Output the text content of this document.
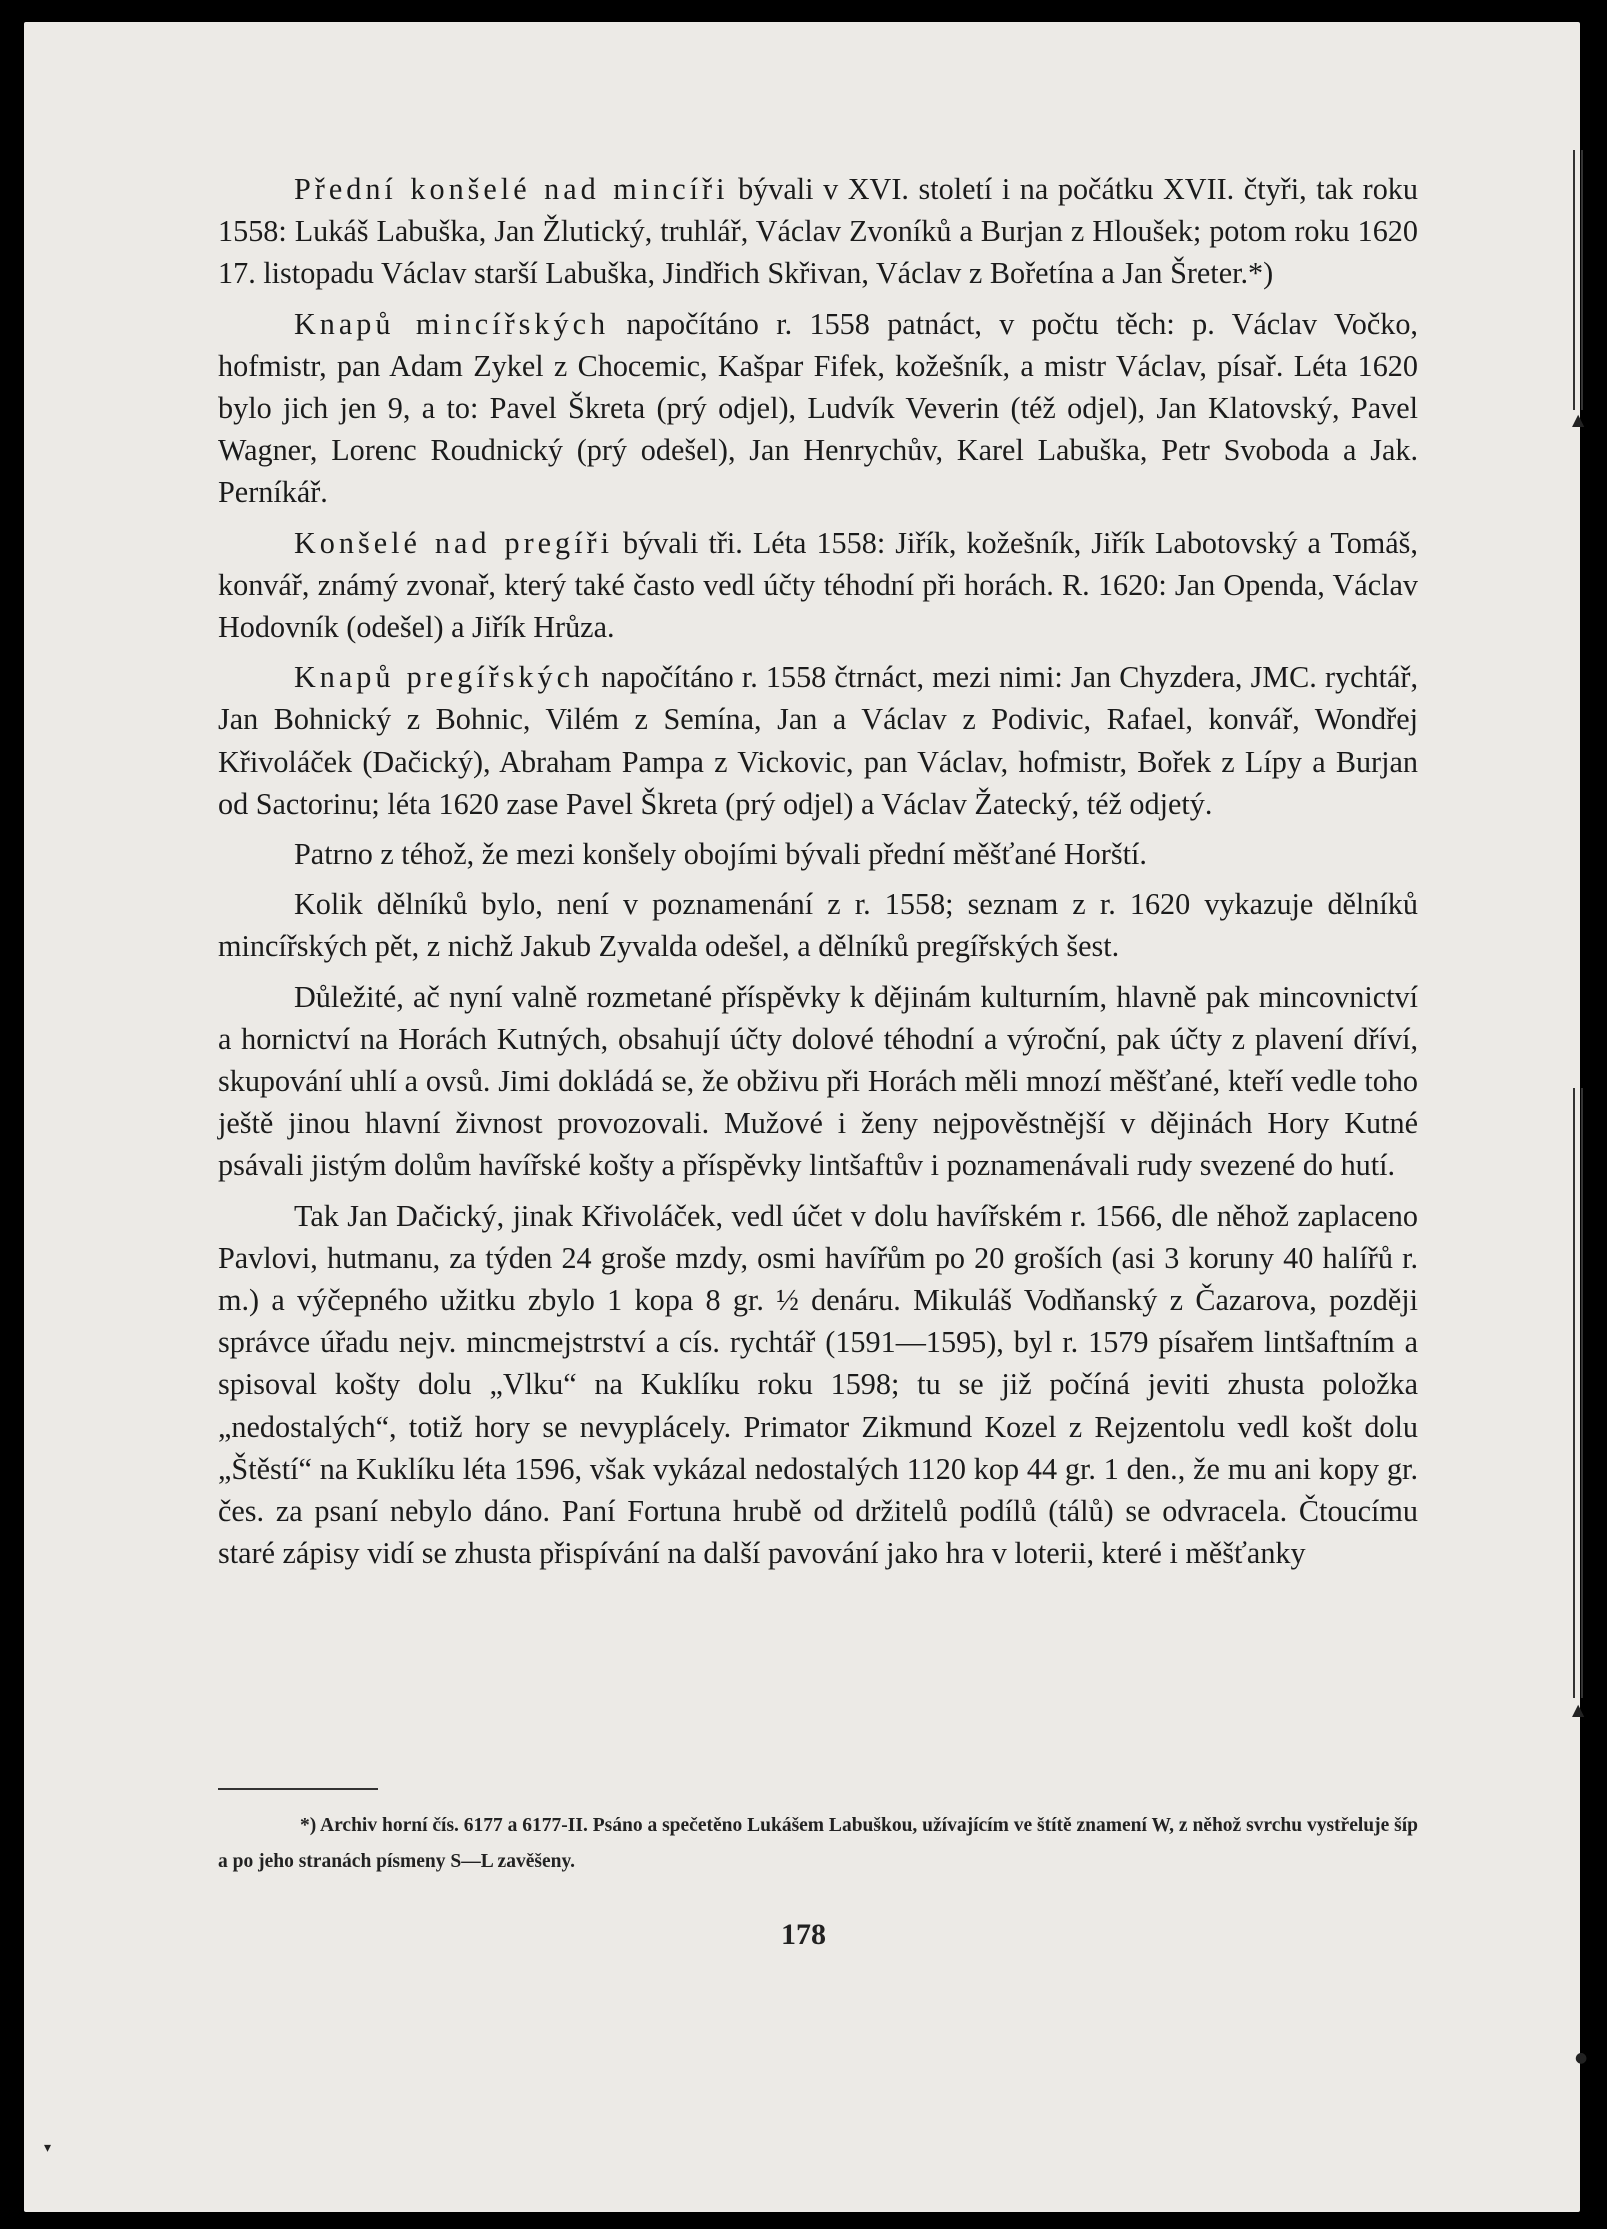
▲
▲
●
▾

Přední konšelé nad mincíři bývali v XVI. století i na počátku XVII. čtyři, tak roku 1558: Lukáš Labuška, Jan Žlutický, truhlář, Václav Zvoníků a Burjan z Hloušek; potom roku 1620 17. listopadu Václav starší Labuška, Jindřich Skřivan, Václav z Bořetína a Jan Šreter.*)

Knapů mincířských napočítáno r. 1558 patnáct, v počtu těch: p. Václav Vočko, hofmistr, pan Adam Zykel z Chocemic, Kašpar Fifek, kožešník, a mistr Václav, písař. Léta 1620 bylo jich jen 9, a to: Pavel Škreta (prý odjel), Ludvík Veverin (též odjel), Jan Klatovský, Pavel Wagner, Lorenc Roudnický (prý odešel), Jan Henrychův, Karel Labuška, Petr Svoboda a Jak. Perníkář.

Konšelé nad pregíři bývali tři. Léta 1558: Jiřík, kožešník, Jiřík Labotovský a Tomáš, konvář, známý zvonař, který také často vedl účty téhodní při horách. R. 1620: Jan Openda, Václav Hodovník (odešel) a Jiřík Hrůza.

Knapů pregířských napočítáno r. 1558 čtrnáct, mezi nimi: Jan Chyzdera, JMC. rychtář, Jan Bohnický z Bohnic, Vilém z Semína, Jan a Václav z Podivic, Rafael, konvář, Wondřej Křivoláček (Dačický), Abraham Pampa z Vickovic, pan Václav, hofmistr, Bořek z Lípy a Burjan od Sactorinu; léta 1620 zase Pavel Škreta (prý odjel) a Václav Žatecký, též odjetý.

Patrno z téhož, že mezi konšely obojími bývali přední měšťané Horští.

Kolik dělníků bylo, není v poznamenání z r. 1558; seznam z r. 1620 vykazuje dělníků mincířských pět, z nichž Jakub Zyvalda odešel, a dělníků pregířských šest.

Důležité, ač nyní valně rozmetané příspěvky k dějinám kulturním, hlavně pak mincovnictví a hornictví na Horách Kutných, obsahují účty dolové téhodní a výroční, pak účty z plavení dříví, skupování uhlí a ovsů. Jimi dokládá se, že obživu při Horách měli mnozí měšťané, kteří vedle toho ještě jinou hlavní živnost provozovali. Mužové i ženy nejpověstnější v dějinách Hory Kutné psávali jistým dolům havířské košty a příspěvky lintšaftův i poznamenávali rudy svezené do hutí.

Tak Jan Dačický, jinak Křivoláček, vedl účet v dolu havířském r. 1566, dle něhož zaplaceno Pavlovi, hutmanu, za týden 24 groše mzdy, osmi havířům po 20 groších (asi 3 koruny 40 halířů r. m.) a výčepného užitku zbylo 1 kopa 8 gr. ½ denáru. Mikuláš Vodňanský z Čazarova, později správce úřadu nejv. mincmejstrství a cís. rychtář (1591—1595), byl r. 1579 písařem lintšaftním a spisoval košty dolu „Vlku“ na Kuklíku roku 1598; tu se již počíná jeviti zhusta položka „nedostalých“, totiž hory se nevyplácely. Primator Zikmund Kozel z Rejzentolu vedl košt dolu „Štěstí“ na Kuklíku léta 1596, však vykázal nedostalých 1120 kop 44 gr. 1 den., že mu ani kopy gr. čes. za psaní nebylo dáno. Paní Fortuna hrubě od držitelů podílů (tálů) se odvracela. Čtoucímu staré zápisy vidí se zhusta přispívání na další pavování jako hra v loterii, které i měšťanky

*) Archiv horní čís. 6177 a 6177-II. Psáno a spečetěno Lukášem Labuškou, užívajícím ve štítě znamení W, z něhož svrchu vystřeluje šíp a po jeho stranách písmeny S—L zavěšeny.
178
